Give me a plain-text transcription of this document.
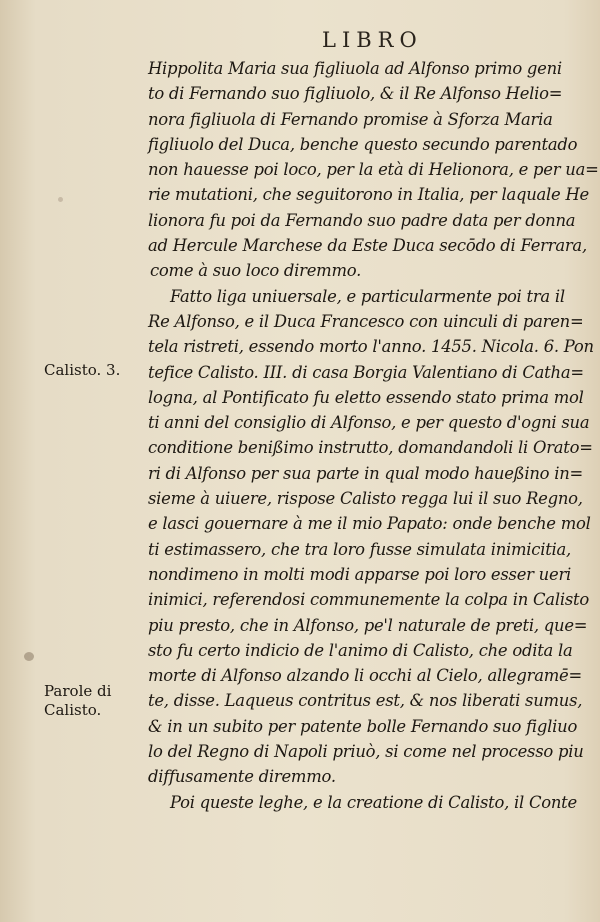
LIBRO
Hippolita Maria sua figliuola ad Alfonso primo geni
to di Fernando suo figliuolo, & il Re Alfonso Helio=
nora figliuola di Fernando promise à Sforza Maria
figliuolo del Duca, benche questo secundo parentado
non hauesse poi loco, per la età di Helionora, e per ua=
rie mutationi, che seguitorono in Italia, per laquale He
lionora fu poi da Fernando suo padre data per donna
ad Hercule Marchese da Este Duca secōdo di Ferrara,
come à suo loco diremmo.
Fatto liga uniuersale, e particularmente poi tra il
Re Alfonso, e il Duca Francesco con uinculi di paren=
tela ristreti, essendo morto l'anno. 1455. Nicola. 6. Pon
tefice Calisto. III. di casa Borgia Valentiano di Catha=
logna, al Pontificato fu eletto essendo stato prima mol
ti anni del consiglio di Alfonso, e per questo d'ogni sua
conditione benißimo instrutto, domandandoli li Orato=
ri di Alfonso per sua parte in qual modo haueßino in=
sieme à uiuere, rispose Calisto regga lui il suo Regno,
e lasci gouernare à me il mio Papato: onde benche mol
ti estimassero, che tra loro fusse simulata inimicitia,
nondimeno in molti modi apparse poi loro esser ueri
inimici, referendosi communemente la colpa in Calisto
piu presto, che in Alfonso, pe'l naturale de preti, que=
sto fu certo indicio de l'animo di Calisto, che odita la
morte di Alfonso alzando li occhi al Cielo, allegramē=
te, disse. Laqueus contritus est, & nos liberati sumus,
& in un subito per patente bolle Fernando suo figliuo
lo del Regno di Napoli priuò, si come nel processo piu
diffusamente diremmo.
Poi queste leghe, e la creatione di Calisto, il Conte
Calisto. 3.
Parole di
Calisto.
